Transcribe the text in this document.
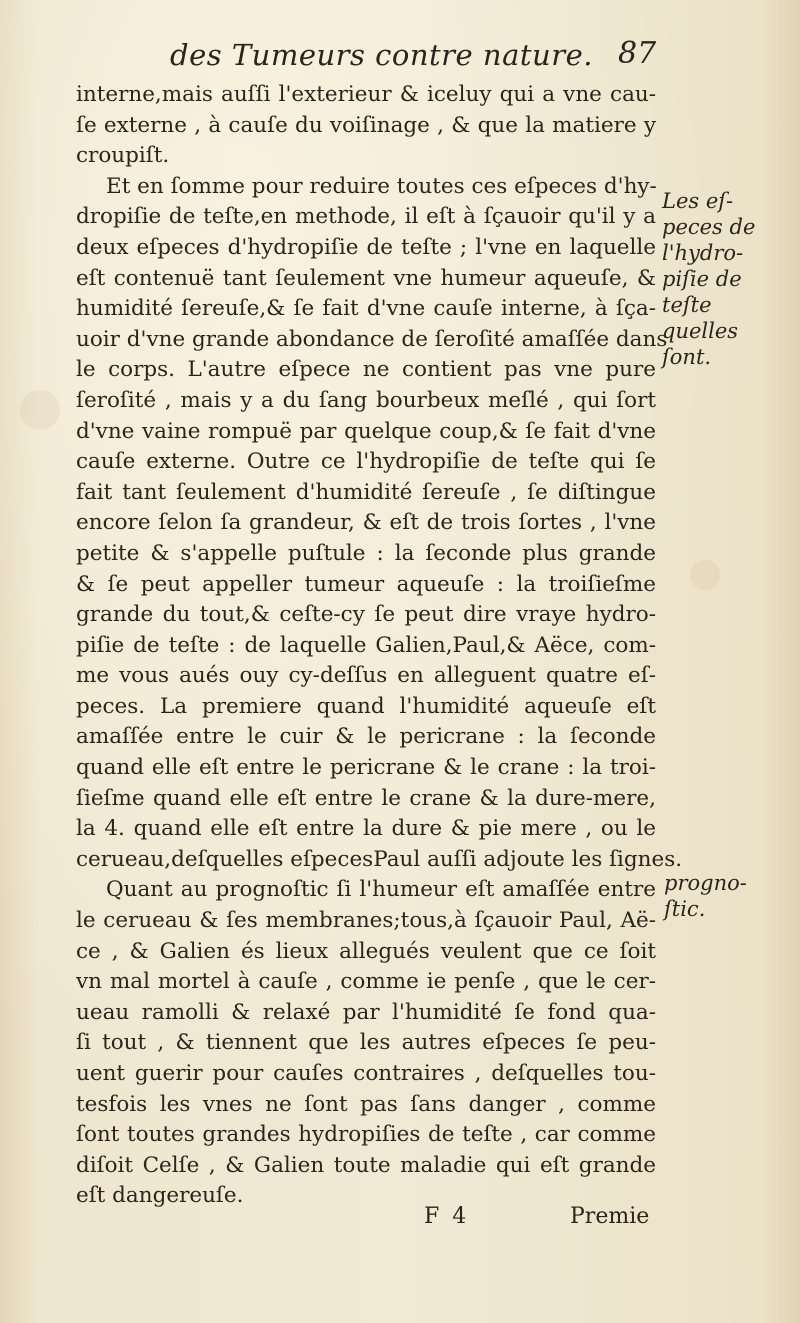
des Tumeurs contre nature. 87
interne,mais auſſi l'exterieur & iceluy qui a vne cau-
ſe externe , à cauſe du voiſinage , & que la matiere y
croupiſt.
Et en ſomme pour reduire toutes ces eſpeces d'hy-
dropiſie de teſte,en methode, il eſt à ſçauoir qu'il y a
deux eſpeces d'hydropiſie de teſte ; l'vne en laquelle
eſt contenuë tant ſeulement vne humeur aqueuſe, &
humidité ſereuſe,& ſe fait d'vne cauſe interne, à ſça-
uoir d'vne grande abondance de ſeroſité amaſſée dans
le corps. L'autre eſpece ne contient pas vne pure
ſeroſité , mais y a du ſang bourbeux meſlé , qui ſort
d'vne vaine rompuë par quelque coup,& ſe fait d'vne
cauſe externe. Outre ce l'hydropiſie de teſte qui ſe
fait tant ſeulement d'humidité ſereuſe , ſe diſtingue
encore ſelon ſa grandeur, & eſt de trois ſortes , l'vne
petite & s'appelle puſtule : la ſeconde plus grande
& ſe peut appeller tumeur aqueuſe : la troiſieſme
grande du tout,& ceſte-cy ſe peut dire vraye hydro-
piſie de teſte : de laquelle Galien,Paul,& Aëce, com-
me vous aués ouy cy-deſſus en alleguent quatre eſ-
peces. La premiere quand l'humidité aqueuſe eſt
amaſſée entre le cuir & le pericrane : la ſeconde
quand elle eſt entre le pericrane & le crane : la troi-
ſieſme quand elle eſt entre le crane & la dure-mere,
la 4. quand elle eſt entre la dure & pie mere , ou le
cerueau,deſquelles eſpecesPaul auſſi adjoute les ſignes.
Quant au prognoſtic ſi l'humeur eſt amaſſée entre
le cerueau & ſes membranes;tous,à ſçauoir Paul, Aë-
ce , & Galien és lieux allegués veulent que ce ſoit
vn mal mortel à cauſe , comme ie penſe , que le cer-
ueau ramolli & relaxé par l'humidité ſe fond qua-
ſi tout , & tiennent que les autres eſpeces ſe peu-
uent guerir pour cauſes contraires , deſquelles tou-
tesfois les vnes ne ſont pas ſans danger , comme
ſont toutes grandes hydropiſies de teſte , car comme
diſoit Celſe , & Galien toute maladie qui eſt grande
eſt dangereuſe.
Les eſ-
peces de
l'hydro-
piſie de
teſte
quelles
ſont.
progno-
ſtic.
F 4	Premie
